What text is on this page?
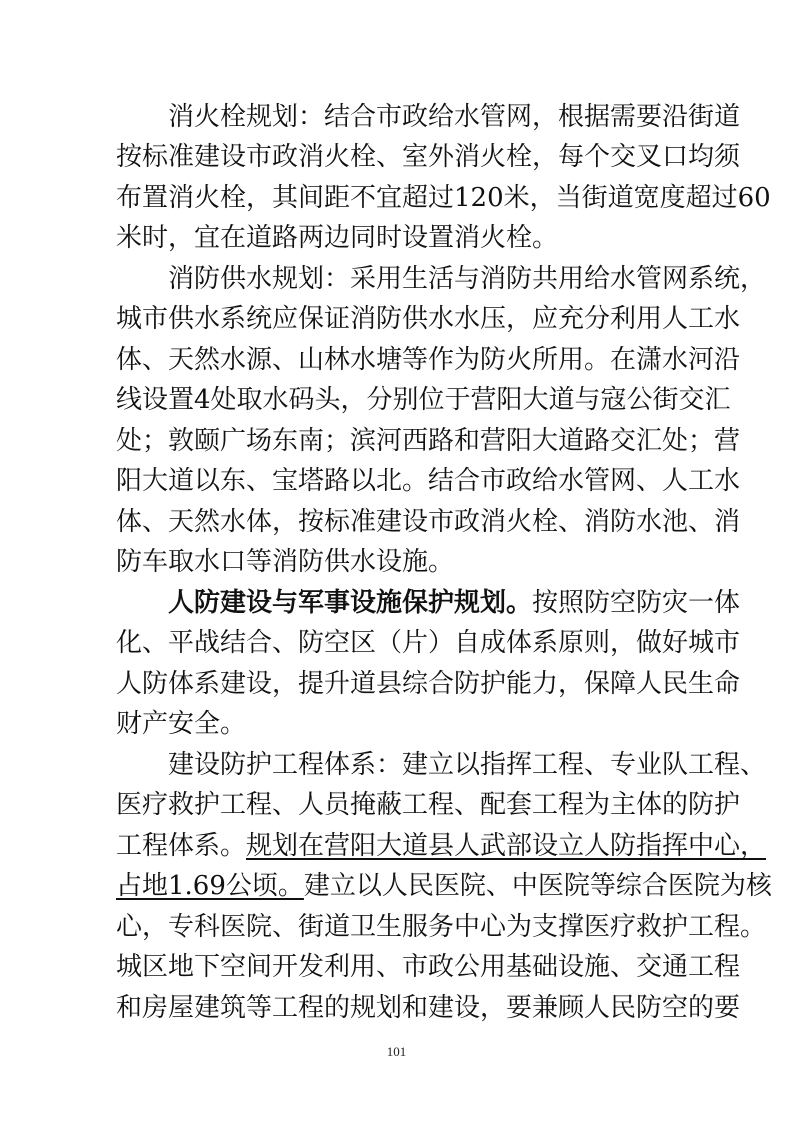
消火栓规划：结合市政给水管网，根据需要沿街道
按标准建设市政消火栓、室外消火栓，每个交叉口均须
布置消火栓，其间距不宜超过120米，当街道宽度超过60
米时，宜在道路两边同时设置消火栓。
消防供水规划：采用生活与消防共用给水管网系统，
城市供水系统应保证消防供水水压，应充分利用人工水
体、天然水源、山林水塘等作为防火所用。在潇水河沿
线设置4处取水码头，分别位于营阳大道与寇公街交汇
处；敦颐广场东南；滨河西路和营阳大道路交汇处；营
阳大道以东、宝塔路以北。结合市政给水管网、人工水
体、天然水体，按标准建设市政消火栓、消防水池、消
防车取水口等消防供水设施。
人防建设与军事设施保护规划。按照防空防灾一体
化、平战结合、防空区（片）自成体系原则，做好城市
人防体系建设，提升道县综合防护能力，保障人民生命
财产安全。
建设防护工程体系：建立以指挥工程、专业队工程、
医疗救护工程、人员掩蔽工程、配套工程为主体的防护
工程体系。规划在营阳大道县人武部设立人防指挥中心，
占地1.69公顷。建立以人民医院、中医院等综合医院为核
心，专科医院、街道卫生服务中心为支撑医疗救护工程。
城区地下空间开发利用、市政公用基础设施、交通工程
和房屋建筑等工程的规划和建设，要兼顾人民防空的要
101
